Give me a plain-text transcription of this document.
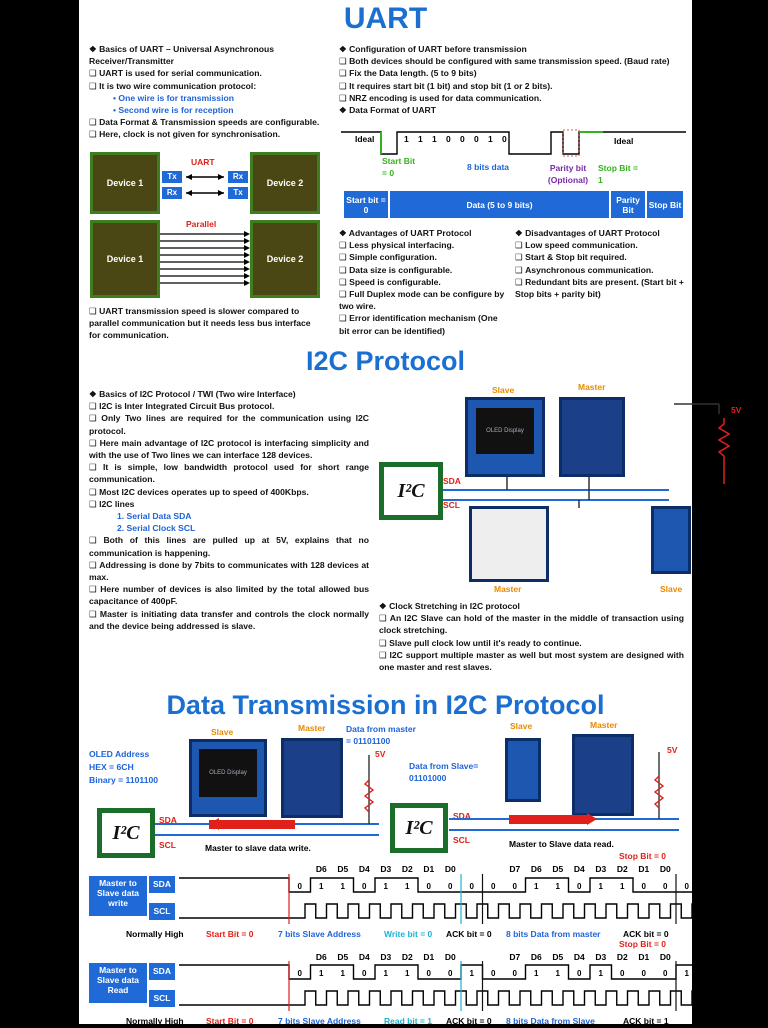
UART
❖ Basics of UART – Universal Asynchronous Receiver/Transmitter
❑ UART is used for serial communication.
❑ It is two wire communication protocol:
• One wire is for transmission
• Second wire is for reception
❑ Data Format & Transmission speeds are configurable.
❑ Here, clock is not given for synchronisation.
UART
Device 1	Device 2
Tx
Rx
Rx
Tx
Parallel
Device 1	Device 2
❑ UART transmission speed is slower compared to parallel communication but it needs less bus interface for communication.
❖ Configuration of UART before transmission
❑ Both devices should be configured with same transmission speed. (Baud rate)
❑ Fix the Data length. (5 to 9 bits)
❑ It requires start bit (1 bit) and stop bit (1 or 2 bits).
❑ NRZ encoding is used for data communication.
❖ Data Format of UART
Ideal	Ideal
1 1 1 0 0 0 1 0
Start Bit = 0
8 bits data	Parity bit (Optional)
Stop Bit = 1
Start bit = 0	Data (5 to 9 bits)	Parity Bit	Stop Bit
❖ Advantages of UART Protocol
❑ Less physical interfacing.
❑ Simple configuration.
❑ Data size is configurable.
❑ Speed is configurable.
❑ Full Duplex mode can be configure by two wire.
❑ Error identification mechanism (One bit error can be identified)
❖ Disadvantages of UART Protocol
❑ Low speed communication.
❑ Start & Stop bit required.
❑ Asynchronous communication.
❑ Redundant bits are present. (Start bit + Stop bits + parity bit)
I2C Protocol
❖ Basics of I2C Protocol / TWI (Two wire Interface)
❑ I2C is Inter Integrated Circuit Bus protocol.
❑ Only Two lines are required for the communication using I2C protocol.
❑ Here main advantage of I2C protocol is interfacing simplicity and with the use of Two lines we can interface 128 devices.
❑ It is simple, low bandwidth protocol used for short range communication.
❑ Most I2C devices operates up to speed of 400Kbps.
❑ I2C lines
1. Serial Data SDA
2. Serial Clock SCL
❑ Both of this lines are pulled up at 5V, explains that no communication is happening.
❑ Addressing is done by 7bits to communicates with 128 devices at max.
❑ Here number of devices is also limited by the total allowed bus capacitance of 400pF.
❑ Master is initiating data transfer and controls the clock normally and the device being addressed is slave.
Slave	Master
OLED Display
5V
I²C	SDA
SCL
Master	Slave
❖ Clock Stretching in I2C protocol
❑ An I2C Slave can hold of the master in the middle of transaction using clock stretching.
❑ Slave pull clock low until it's ready to continue.
❑ I2C support multiple master as well but most system are designed with one master and rest slaves.
Data Transmission in I2C Protocol
OLED Address
HEX = 6CH
Binary = 1101100
Slave	Master Data from master = 01101100
OLED Display
5V
I²C
SDA
SCL	Master to slave data write.
Slave	Master
Data from Slave= 01101000
5V
I²C
SDA
SCL	Master to Slave data read.
Master to Slave data write
SDA
SCL
Master to Slave data Read
SDA
SCL
D6 D5 D4 D3 D2 D1 D0	D7 D6 D5 D4 D3 D2 D1 D0
0 1 1 0 1 1 0 0 0 0 0 1 1 0 1 1 0 0 0
D6 D5 D4 D3 D2 D1 D0	D7 D6 D5 D4 D3 D2 D1 D0
0 1 1 0 1 1 0 0 1 0 0 1 1 0 1 0 0 0 1
Stop Bit = 0
Stop Bit = 0
Normally High	Start Bit = 0	7 bits Slave Address	Write bit = 0 ACK bit = 0 8 bits Data from master	ACK bit = 0
Normally High	Start Bit = 0	7 bits Slave Address	Read bit = 1 ACK bit = 0 8 bits Data from Slave	ACK bit = 1
